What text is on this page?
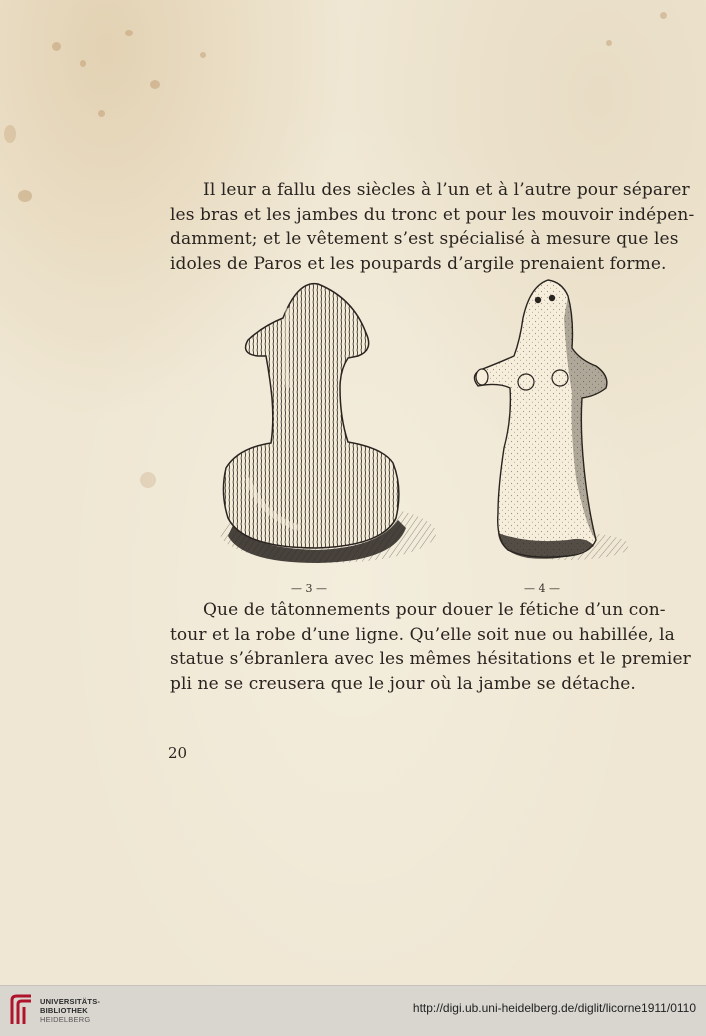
Il leur a fallu des siècles à l’un et à l’autre pour séparer
les bras et les jambes du tronc et pour les mouvoir indépen-
damment; et le vêtement s’est spécialisé à mesure que les
idoles de Paros et les poupards d’argile prenaient forme.

— 3 —	— 4 —

Que de tâtonnements pour douer le fétiche d’un con-
tour et la robe d’une ligne. Qu’elle soit nue ou habillée, la
statue s’ébranlera avec les mêmes hésitations et le premier
pli ne se creusera que le jour où la jambe se détache.

20
UNIVERSITÄTS-
BIBLIOTHEK
HEIDELBERG
http://digi.ub.uni-heidelberg.de/diglit/licorne1911/0110
